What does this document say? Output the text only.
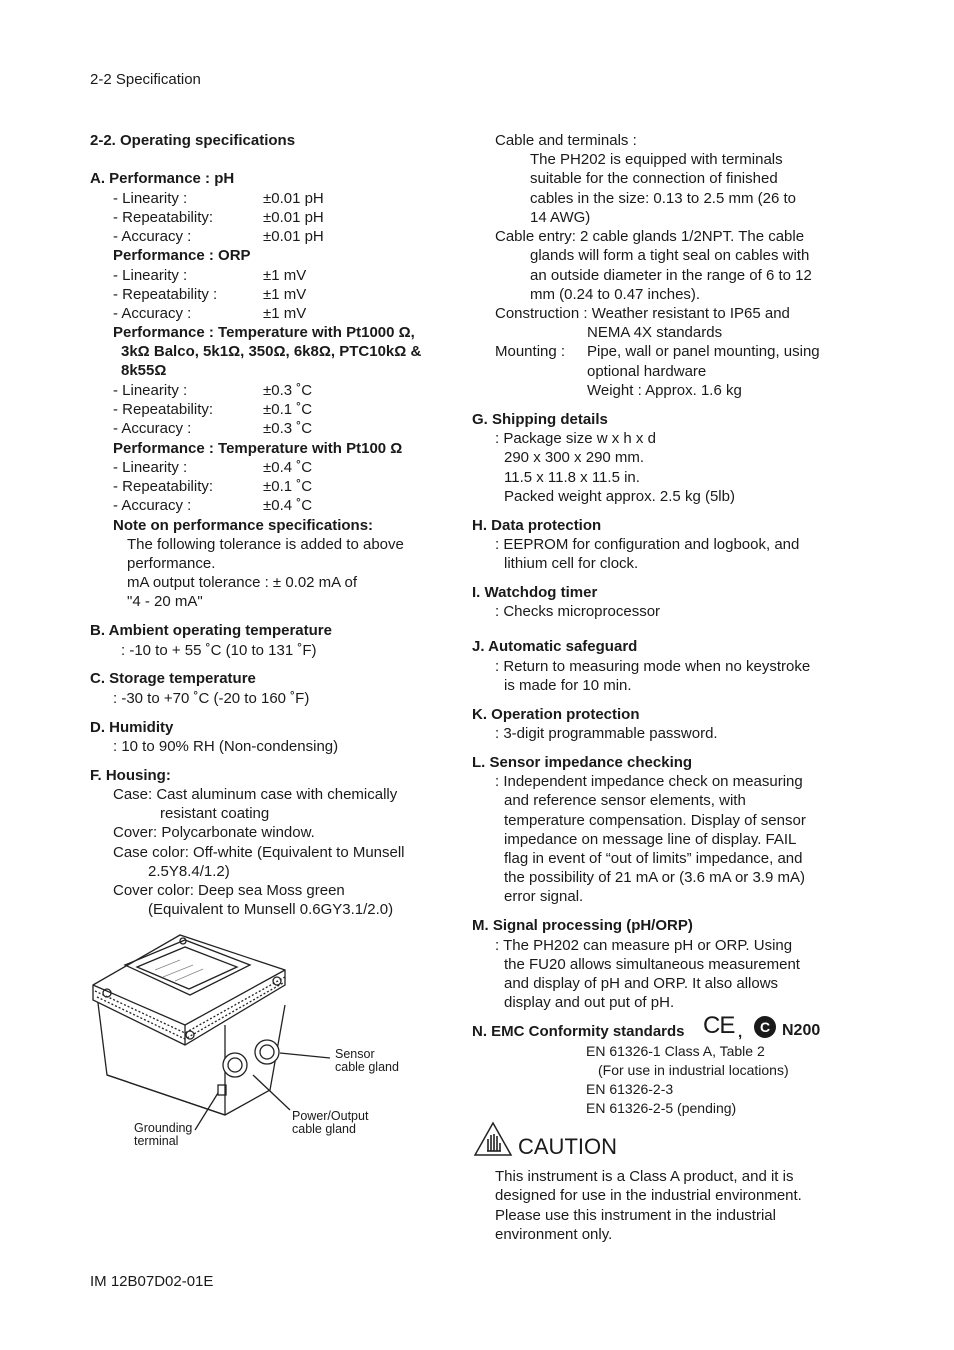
2-2 Specification
IM 12B07D02-01E
2-2. Operating specifications
A. Performance : pH
- Linearity :	±0.01 pH
- Repeatability:	±0.01 pH
- Accuracy :	±0.01 pH
Performance : ORP
- Linearity :	±1 mV
- Repeatability :	±1 mV
- Accuracy :	±1 mV
Performance : Temperature with Pt1000 Ω,
3kΩ Balco, 5k1Ω, 350Ω, 6k8Ω, PTC10kΩ &
8k55Ω
- Linearity :	±0.3 ˚C
- Repeatability:	±0.1 ˚C
- Accuracy :	±0.3 ˚C
Performance : Temperature with Pt100 Ω
- Linearity :	±0.4 ˚C
- Repeatability:	±0.1 ˚C
- Accuracy :	±0.4 ˚C
Note on performance specifications:
The following tolerance is added to above
performance.
mA output tolerance : ± 0.02 mA of
"4 - 20 mA"
B. Ambient operating temperature
: -10 to + 55 ˚C (10 to 131 ˚F)
C. Storage temperature
: -30 to +70 ˚C (-20 to 160 ˚F)
D. Humidity
: 10 to 90% RH (Non-condensing)
F. Housing:
Case: Cast aluminum case with chemically
resistant coating
Cover: Polycarbonate window.
Case color: Off-white (Equivalent to Munsell
2.5Y8.4/1.2)
Cover color: Deep sea Moss green
(Equivalent to Munsell 0.6GY3.1/2.0)
Sensor
cable gland
Power/Output
cable gland
Grounding
terminal
Cable and terminals :
The PH202 is equipped with terminals
suitable for the connection of finished
cables in the size: 0.13 to 2.5 mm (26 to
14 AWG)
Cable entry: 2 cable glands 1/2NPT. The cable
glands will form a tight seal on cables with
an outside diameter in the range of 6 to 12
mm (0.24 to 0.47 inches).
Construction : Weather resistant to IP65 and
NEMA 4X standards
Mounting : Pipe, wall or panel mounting, using
optional hardware
Weight : Approx. 1.6 kg
G. Shipping details
: Package size w x h x d
290 x 300 x 290 mm.
11.5 x 11.8 x 11.5 in.
Packed weight approx. 2.5 kg (5lb)
H. Data protection
: EEPROM for configuration and logbook, and
lithium cell for clock.
I. Watchdog timer
: Checks microprocessor
J. Automatic safeguard
: Return to measuring mode when no keystroke
is made for 10 min.
K. Operation protection
: 3-digit programmable password.
L. Sensor impedance checking
: Independent impedance check on measuring
and reference sensor elements, with
temperature compensation. Display of sensor
impedance on message line of display. FAIL
flag in event of “out of limits” impedance, and
the possibility of 21 mA or (3.6 mA or 3.9 mA)
error signal.
M. Signal processing (pH/ORP)
: The PH202 can measure pH or ORP. Using
the FU20 allows simultaneous measurement
and display of pH and ORP. It also allows
display and out put of pH.
N. EMC Conformity standards CE ,	C N200
EN 61326-1 Class A, Table 2
(For use in industrial locations)
EN 61326-2-3
EN 61326-2-5 (pending)
CAUTION
This instrument is a Class A product, and it is
designed for use in the industrial environment.
Please use this instrument in the industrial
environment only.
